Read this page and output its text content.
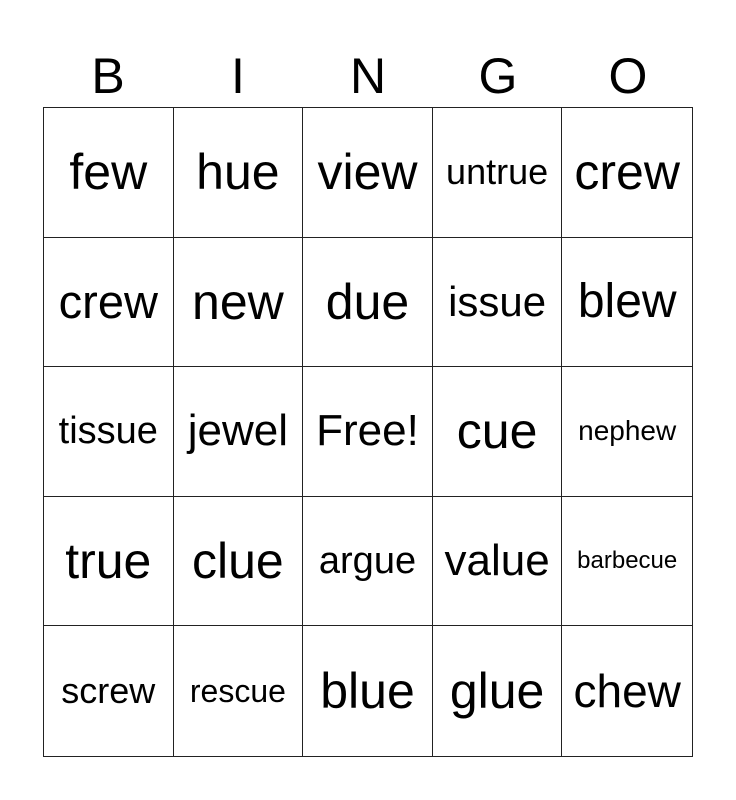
B	I	N	G	O
few hue view untrue crew
crew new due issue blew
tissue jewel Free! cue nephew
true clue argue value barbecue
screw rescue blue glue chew
